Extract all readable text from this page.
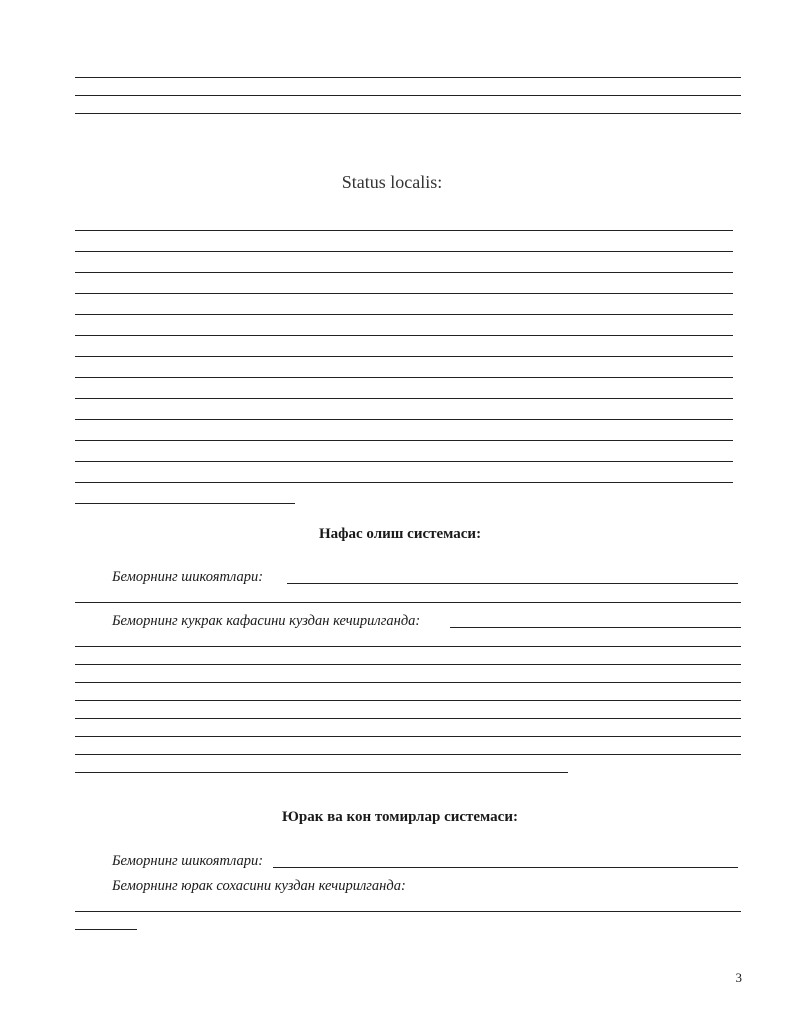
Status localis:
Нафас олиш системаси:
Беморнинг шикоятлари:
Беморнинг кукрак кафасини куздан кечирилганда:
Юрак ва кон томирлар системаси:
Беморнинг шикоятлари:
Беморнинг юрак сохасини куздан кечирилганда:
3
